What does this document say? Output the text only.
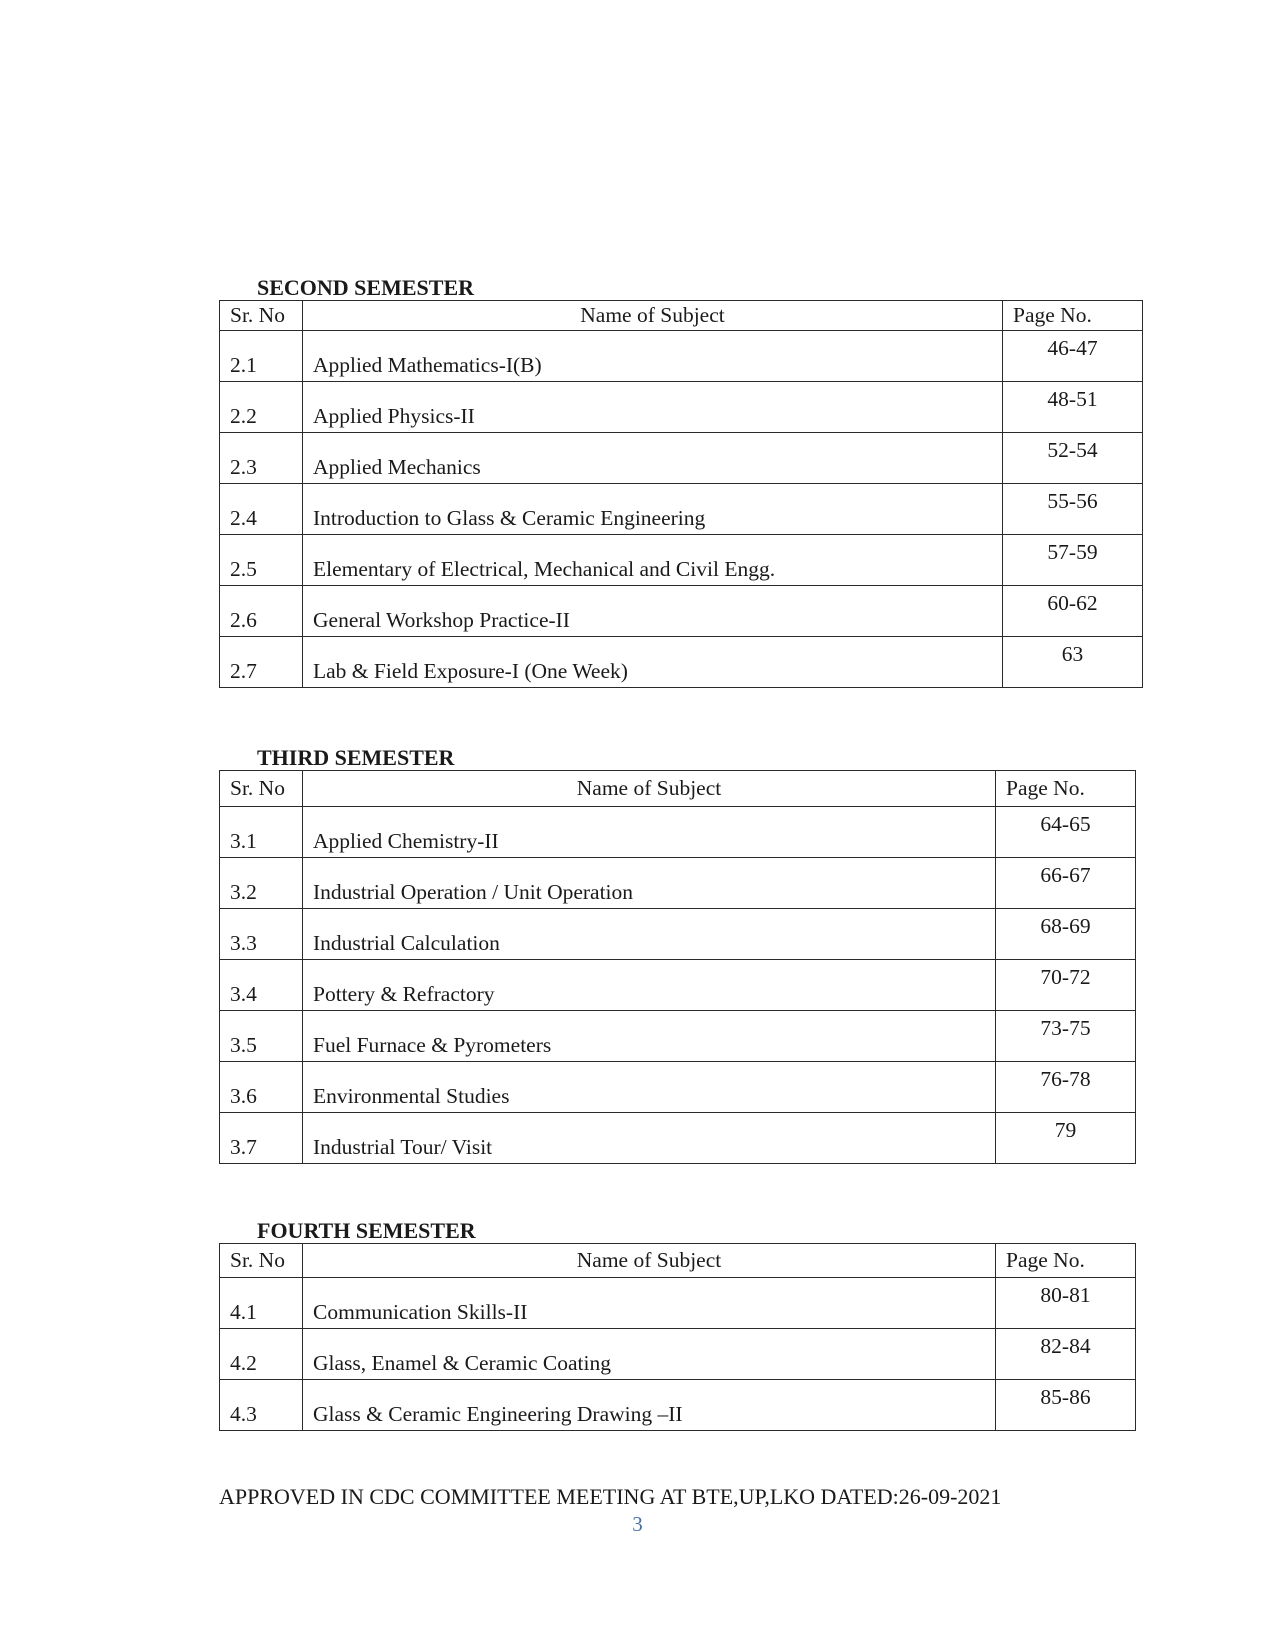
SECOND SEMESTER
Sr. No	Name of Subject	Page No.
2.1	Applied Mathematics-I(B)	46-47
2.2	Applied Physics-II	48-51
2.3	Applied Mechanics	52-54
2.4	Introduction to Glass & Ceramic Engineering	55-56
2.5	Elementary of Electrical, Mechanical and Civil Engg.	57-59
2.6	General Workshop Practice-II	60-62
2.7	Lab & Field Exposure-I (One Week)	63
THIRD SEMESTER
Sr. No	Name of Subject	Page No.
3.1	Applied Chemistry-II	64-65
3.2	Industrial Operation / Unit Operation	66-67
3.3	Industrial Calculation	68-69
3.4	Pottery & Refractory	70-72
3.5	Fuel Furnace & Pyrometers	73-75
3.6	Environmental Studies	76-78
3.7	Industrial Tour/ Visit	79
FOURTH SEMESTER
Sr. No	Name of Subject	Page No.
4.1	Communication Skills-II	80-81
4.2	Glass, Enamel & Ceramic Coating	82-84
4.3	Glass & Ceramic Engineering Drawing –II	85-86
APPROVED IN CDC COMMITTEE MEETING AT BTE,UP,LKO DATED:26-09-2021
3
